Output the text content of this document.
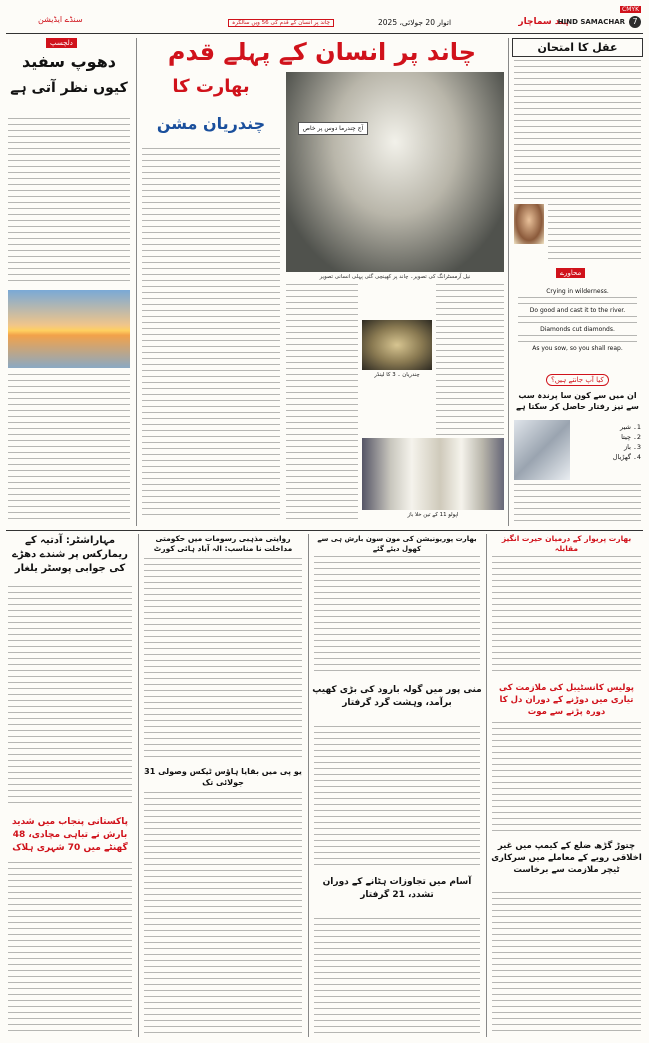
CMYK
7
ہند سماچار
HIND SAMACHAR
اتوار 20 جولائی، 2025
چاند پر انسان کے قدم کی 56 ویں سالگرہ
سنڈے ایڈیشن
دلچسپ
دھوپ سفید
کیوں نظر آتی ہے
چاند پر انسان کے پہلے قدم
بھارت کا
چندریان مشن	آج چندرما دوس پر خاص
نیل آرمسٹرانگ کی تصویر۔ چاند پر کھینچی گئی پہلی انسانی تصویر
چندریان ۔ 3 کا لینڈر
اپولو 11 کے تین خلا باز
عقل کا امتحان
محاورے
Crying in wilderness.
Do good and cast it to the river.
Diamonds cut diamonds.
As you sow, so you shall reap.
کیا آپ جانتے ہیں؟
ان میں سے کون سا پرندہ سب سے تیز رفتار حاصل کر سکتا ہے
1۔ شیر
2۔ چیتا
3۔ باز
4۔ گھڑیال
مہاراشٹر: آدتیہ کے ریمارکس پر شندے دھڑے کی جوابی پوسٹر یلغار
پاکستانی پنجاب میں شدید بارش نے تباہی مچادی، 48 گھنٹے میں 70 شہری ہلاک
روایتی مذہبی رسومات میں حکومتی مداخلت نا مناسب: الہ آباد ہائی کورٹ
یو پی میں بقایا ہاؤس ٹیکس وصولی 31 جولائی تک
بھارت پوربونیشن کی مون سون بارش ہی سے کھول دیئے گئے
منی پور میں گولہ بارود کی بڑی کھیپ برآمد، وہشت گرد گرفتار
آسام میں تجاوزات ہٹانے کے دوران تشدد، 21 گرفتار
بھارت پریوار کے درمیان حیرت انگیز مقابلہ
پولیس کانسٹیبل کی ملازمت کی تیاری میں دوڑنے کے دوران دل کا دورہ پڑنے سے موت
چتوڑ گڑھ ضلع کے کیمپ میں غیر اخلاقی رویے کے معاملے میں سرکاری ٹیچر ملازمت سے برخاست
